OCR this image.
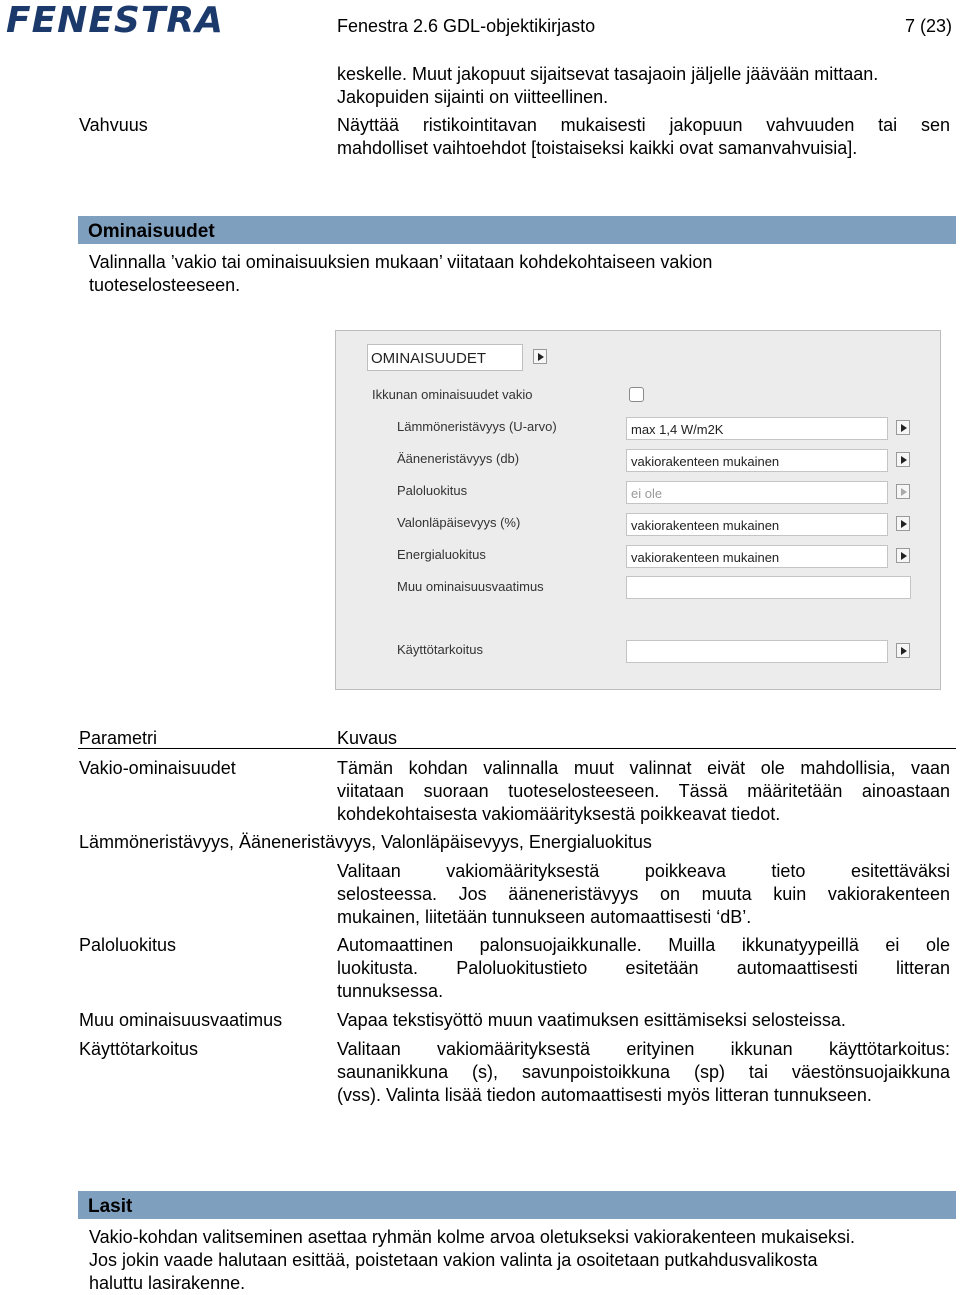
FENESTRA	Fenestra 2.6 GDL-objektikirjasto	7 (23)
keskelle. Muut jakopuut sijaitsevat tasajaoin jäljelle jäävään mittaan.
Jakopuiden sijainti on viitteellinen.
Vahvuus	Näyttää ristikointitavan mukaisesti jakopuun vahvuuden tai sen
mahdolliset vaihtoehdot [toistaiseksi kaikki ovat samanvahvuisia].
Ominaisuudet
Valinnalla ’vakio tai ominaisuuksien mukaan’ viitataan kohdekohtaiseen vakion
tuoteselosteeseen.
OMINAISUUDET
Ikkunan ominaisuudet vakio
Lämmöneristävyys (U-arvo)	max 1,4 W/m2K
Ääneneristävyys (db)	vakiorakenteen mukainen
Paloluokitus	ei ole
Valonläpäisevyys (%)	vakiorakenteen mukainen
Energialuokitus	vakiorakenteen mukainen
Muu ominaisuusvaatimus
Käyttötarkoitus
Parametri	Kuvaus
Vakio-ominaisuudet	Tämän kohdan valinnalla muut valinnat eivät ole mahdollisia, vaan
viitataan suoraan tuoteselosteeseen. Tässä määritetään ainoastaan
kohdekohtaisesta vakiomäärityksestä poikkeavat tiedot.
Lämmöneristävyys, Ääneneristävyys, Valonläpäisevyys, Energialuokitus
Valitaan vakiomäärityksestä poikkeava tieto esitettäväksi
selosteessa. Jos ääneneristävyys on muuta kuin vakiorakenteen
mukainen, liitetään tunnukseen automaattisesti ‘dB’.
Paloluokitus	Automaattinen palonsuojaikkunalle. Muilla ikkunatyypeillä ei ole
luokitusta. Paloluokitustieto esitetään automaattisesti litteran
tunnuksessa.
Muu ominaisuusvaatimus	Vapaa tekstisyöttö muun vaatimuksen esittämiseksi selosteissa.
Käyttötarkoitus	Valitaan vakiomäärityksestä erityinen ikkunan käyttötarkoitus:
saunanikkuna (s), savunpoistoikkuna (sp) tai väestönsuojaikkuna
(vss). Valinta lisää tiedon automaattisesti myös litteran tunnukseen.
Lasit
Vakio-kohdan valitseminen asettaa ryhmän kolme arvoa oletukseksi vakiorakenteen mukaiseksi.
Jos jokin vaade halutaan esittää, poistetaan vakion valinta ja osoitetaan putkahdusvalikosta
haluttu lasirakenne.
